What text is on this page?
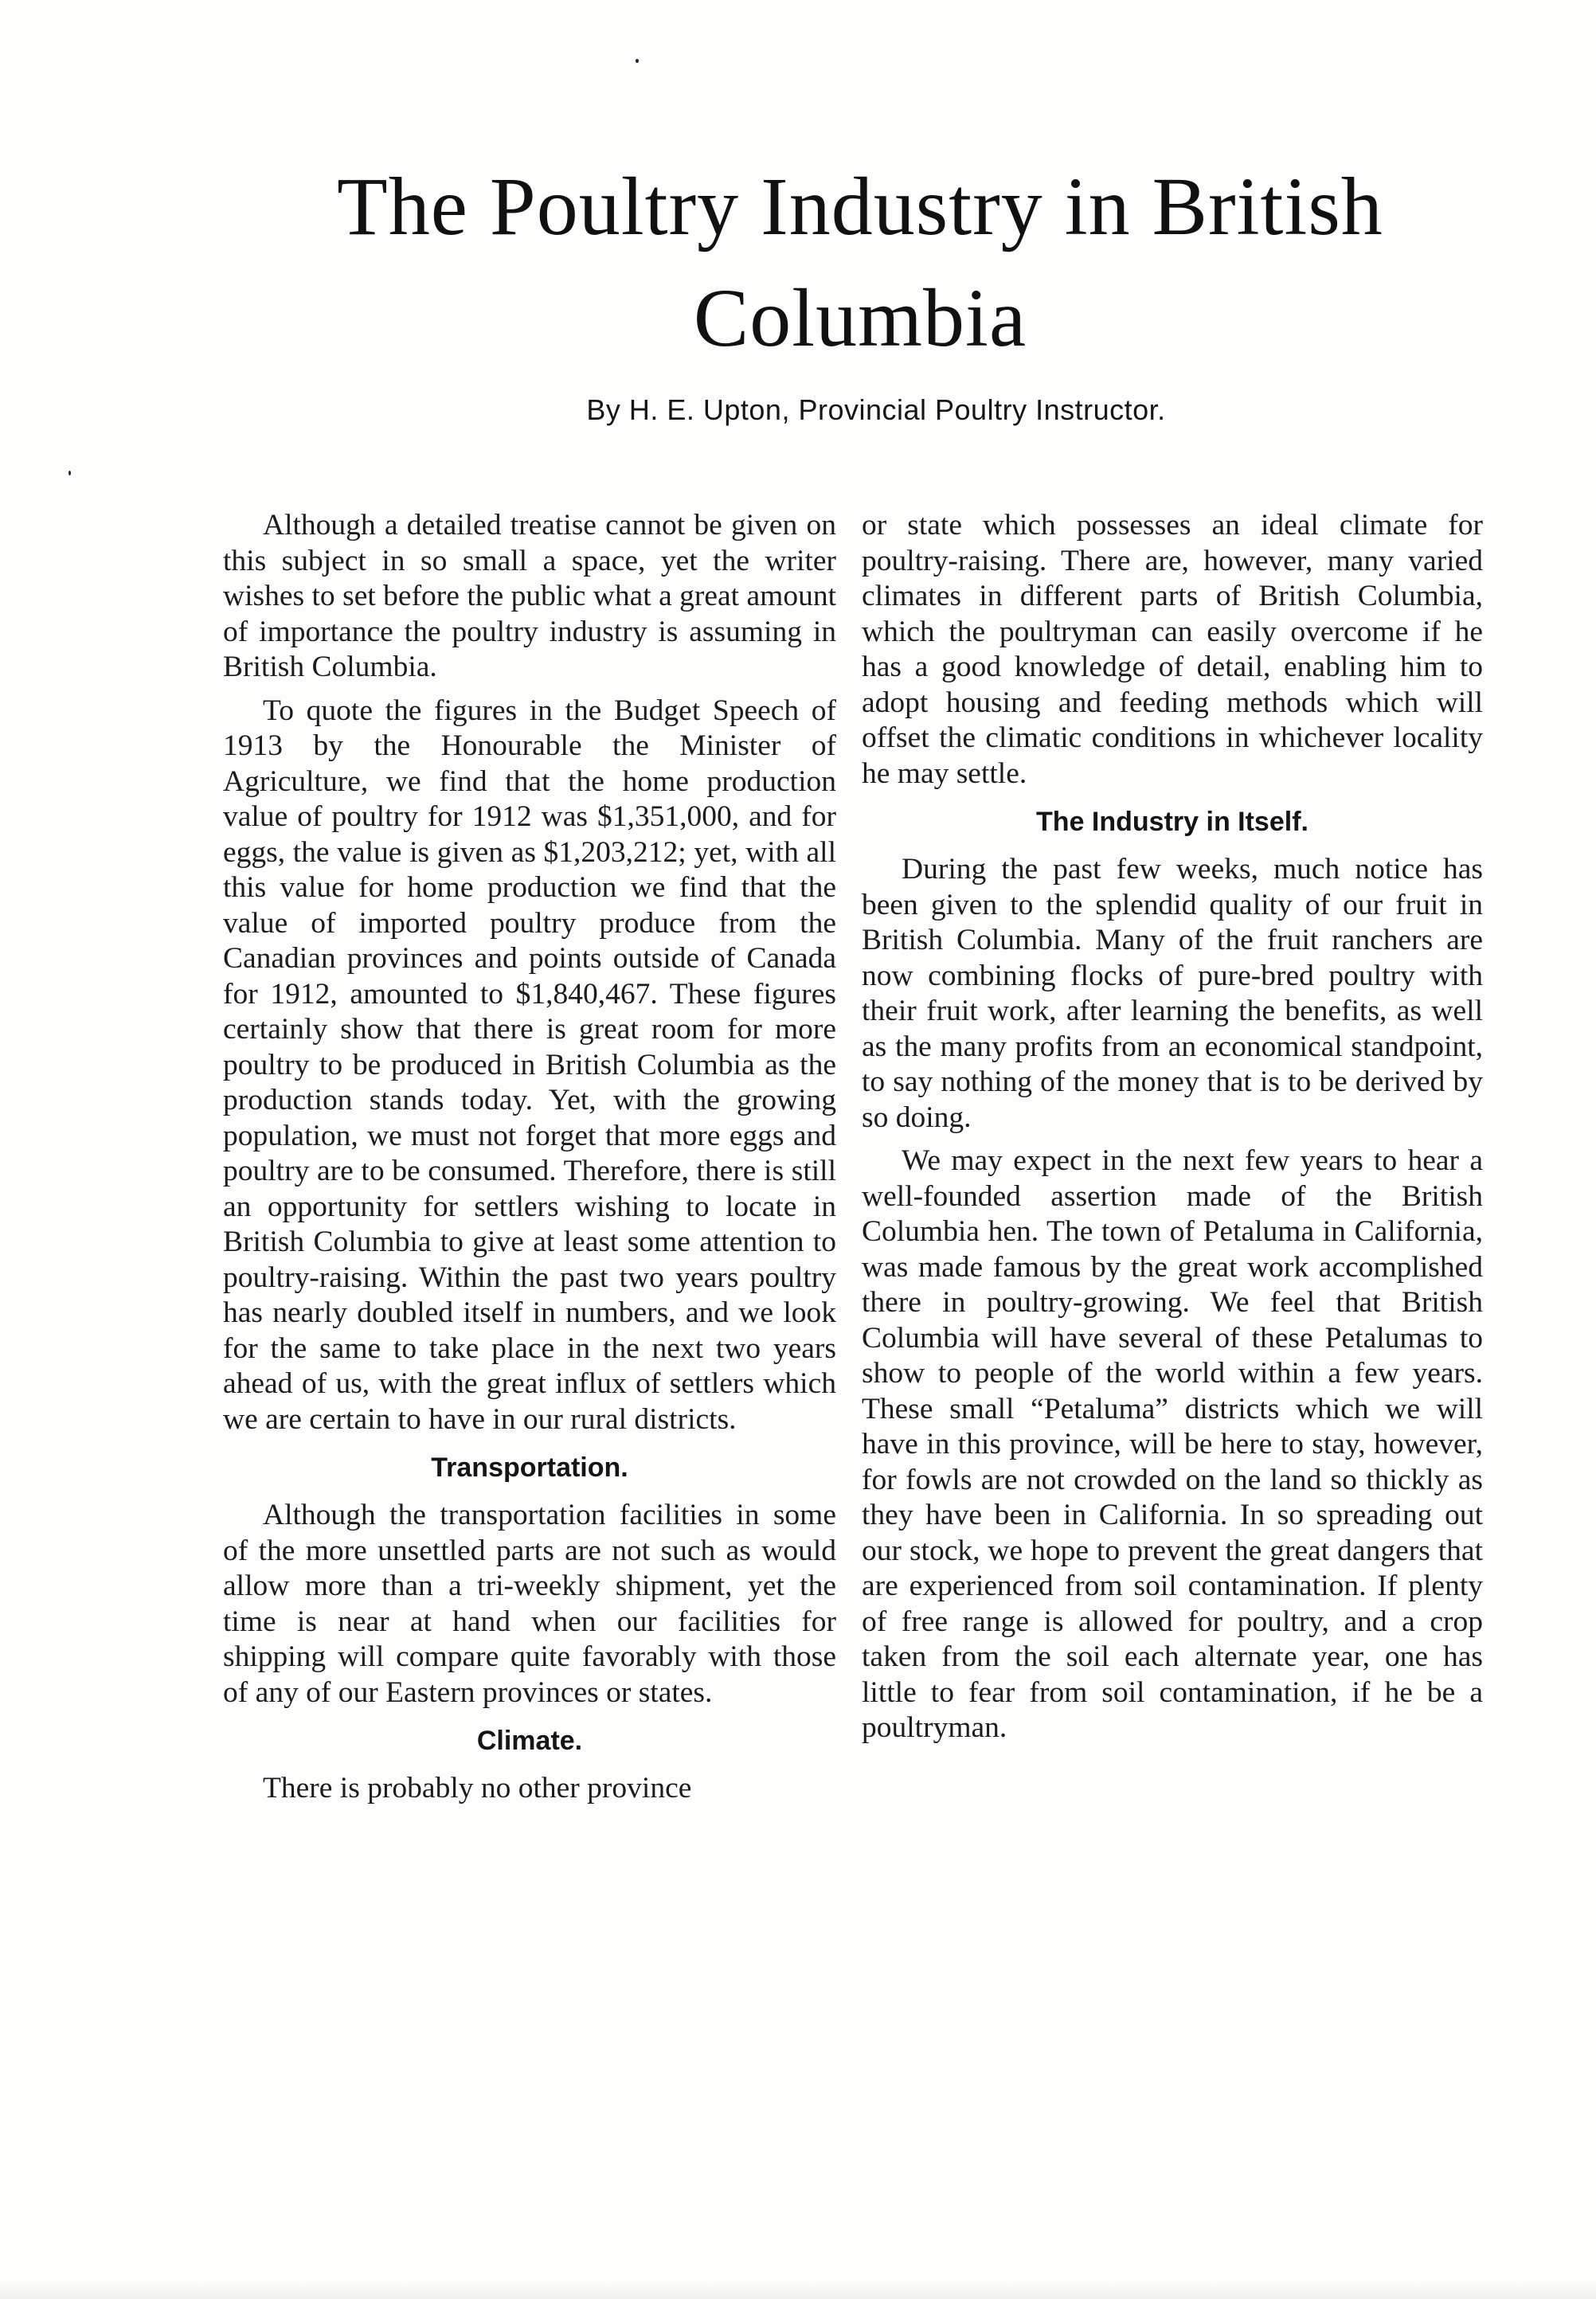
The Poultry Industry in British Columbia

By H. E. Upton, Provincial Poultry Instructor.

Although a detailed treatise cannot be given on this subject in so small a space, yet the writer wishes to set before the public what a great amount of importance the poultry industry is assuming in British Columbia.

To quote the figures in the Budget Speech of 1913 by the Honourable the Minister of Agriculture, we find that the home production value of poultry for 1912 was $1,351,000, and for eggs, the value is given as $1,203,212; yet, with all this value for home production we find that the value of imported poultry produce from the Canadian provinces and points outside of Canada for 1912, amounted to $1,840,467. These figures certainly show that there is great room for more poultry to be produced in British Columbia as the production stands today. Yet, with the growing population, we must not forget that more eggs and poultry are to be consumed. Therefore, there is still an opportunity for settlers wishing to locate in British Columbia to give at least some attention to poultry-raising. Within the past two years poultry has nearly doubled itself in numbers, and we look for the same to take place in the next two years ahead of us, with the great influx of settlers which we are certain to have in our rural districts.

Transportation.

Although the transportation facilities in some of the more unsettled parts are not such as would allow more than a tri-weekly shipment, yet the time is near at hand when our facilities for shipping will compare quite favorably with those of any of our Eastern provinces or states.

Climate.

There is probably no other province

or state which possesses an ideal climate for poultry-raising. There are, however, many varied climates in different parts of British Columbia, which the poultryman can easily overcome if he has a good knowledge of detail, enabling him to adopt housing and feeding methods which will offset the climatic conditions in whichever locality he may settle.

The Industry in Itself.

During the past few weeks, much notice has been given to the splendid quality of our fruit in British Columbia. Many of the fruit ranchers are now combining flocks of pure-bred poultry with their fruit work, after learning the benefits, as well as the many profits from an economical standpoint, to say nothing of the money that is to be derived by so doing.

We may expect in the next few years to hear a well-founded assertion made of the British Columbia hen. The town of Petaluma in California, was made famous by the great work accomplished there in poultry-growing. We feel that British Columbia will have several of these Petalumas to show to people of the world within a few years. These small “Petaluma” districts which we will have in this province, will be here to stay, however, for fowls are not crowded on the land so thickly as they have been in California. In so spreading out our stock, we hope to prevent the great dangers that are experienced from soil contamination. If plenty of free range is allowed for poultry, and a crop taken from the soil each alternate year, one has little to fear from soil contamination, if he be a poultryman.
